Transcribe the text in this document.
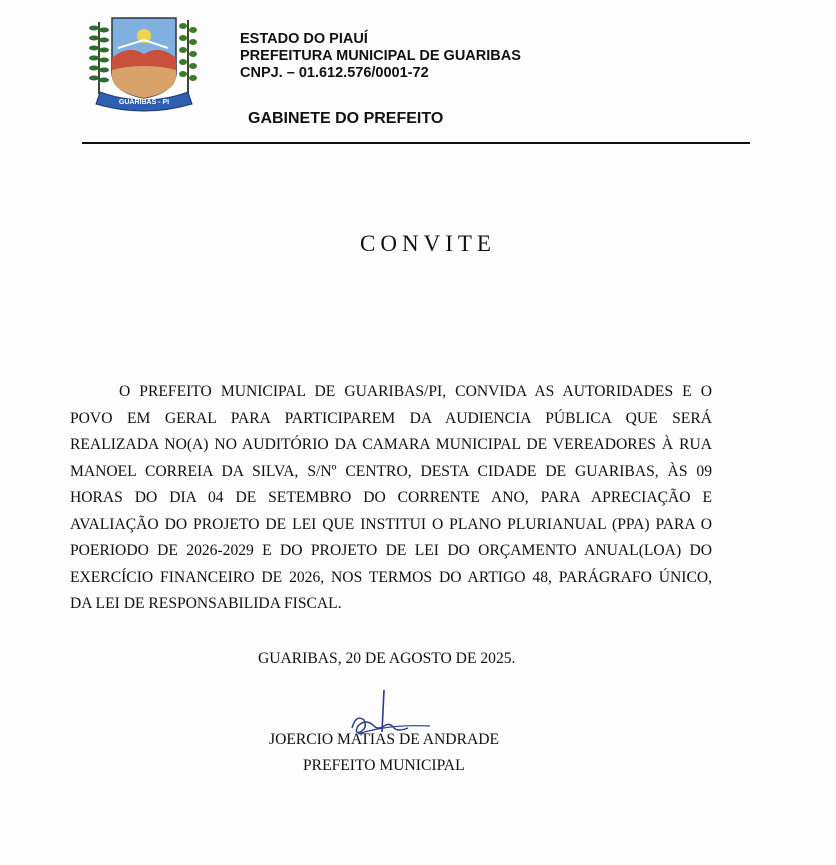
GUARIBAS - PI
ESTADO DO PIAUÍ
PREFEITURA MUNICIPAL DE GUARIBAS
CNPJ. – 01.612.576/0001-72
GABINETE DO PREFEITO
CONVITE
O PREFEITO MUNICIPAL DE GUARIBAS/PI, CONVIDA AS AUTORIDADES E O
POVO EM GERAL PARA PARTICIPAREM DA AUDIENCIA PÚBLICA QUE SERÁ
REALIZADA NO(A) NO AUDITÓRIO DA CAMARA MUNICIPAL DE VEREADORES À RUA
MANOEL CORREIA DA SILVA, S/Nº CENTRO, DESTA CIDADE DE GUARIBAS, ÀS 09
HORAS DO DIA 04 DE SETEMBRO DO CORRENTE ANO, PARA APRECIAÇÃO E
AVALIAÇÃO DO PROJETO DE LEI QUE INSTITUI O PLANO PLURIANUAL (PPA) PARA O
POERIODO DE 2026-2029 E DO PROJETO DE LEI DO ORÇAMENTO ANUAL(LOA) DO
EXERCÍCIO FINANCEIRO DE 2026, NOS TERMOS DO ARTIGO 48, PARÁGRAFO ÚNICO,
DA LEI DE RESPONSABILIDA FISCAL.
GUARIBAS, 20 DE AGOSTO DE 2025.
JOERCIO MATIAS DE ANDRADE
PREFEITO MUNICIPAL
